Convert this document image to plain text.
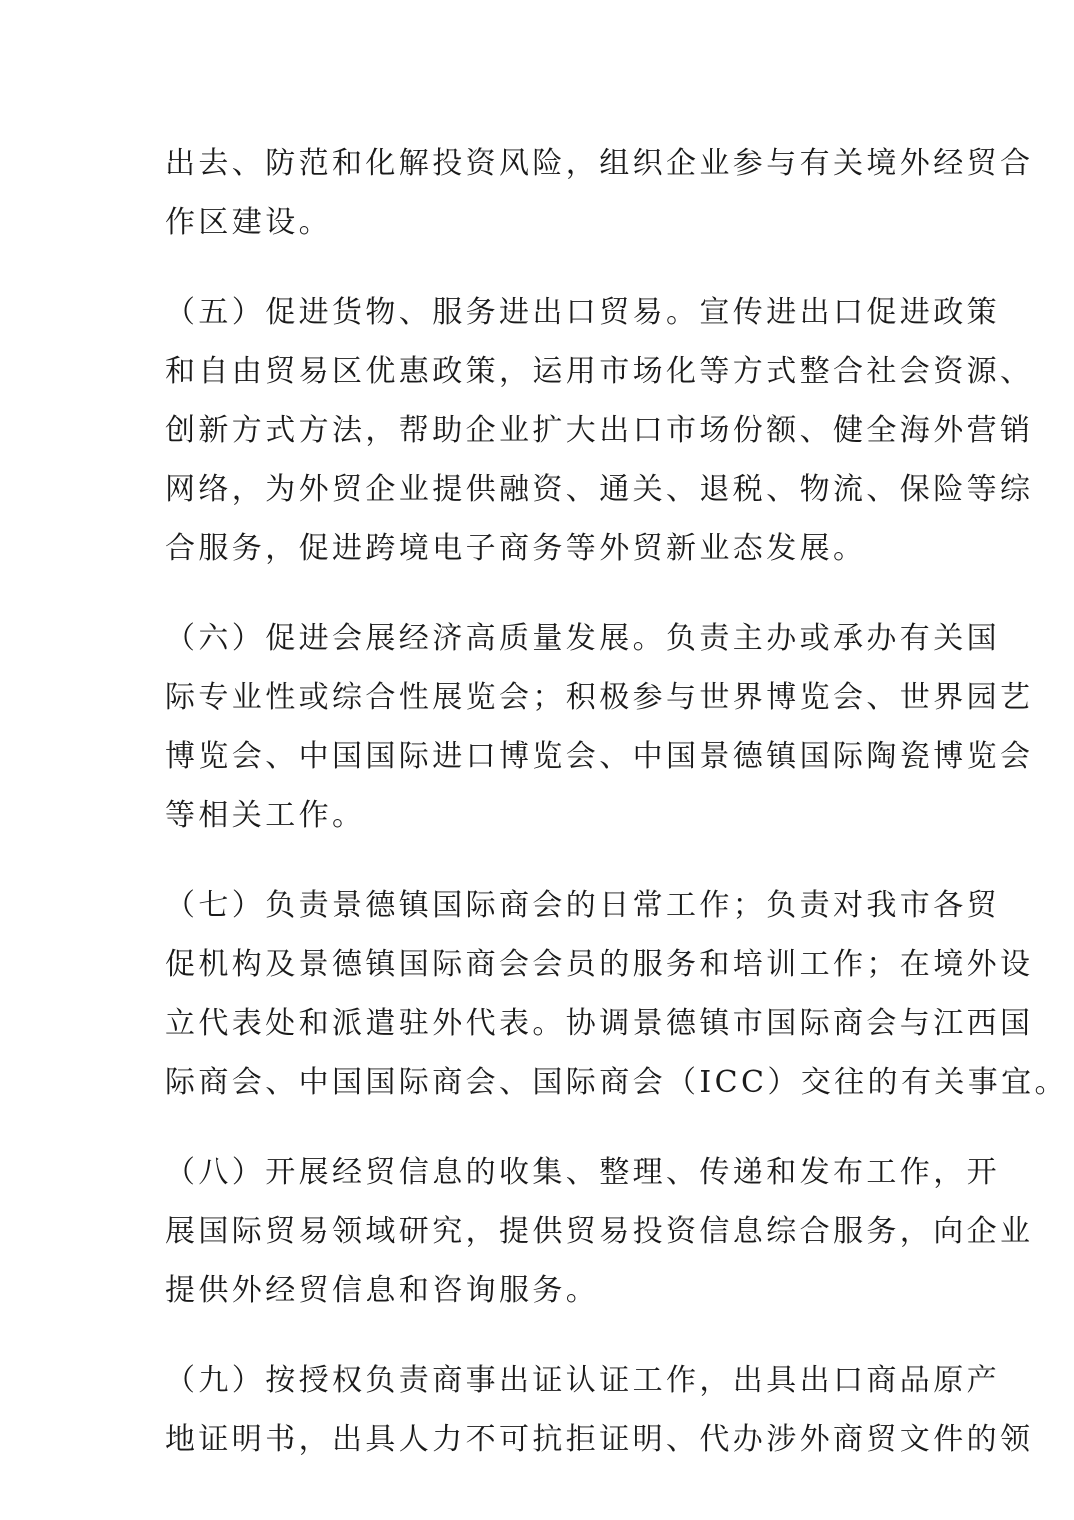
出去、防范和化解投资风险，组织企业参与有关境外经贸合
作区建设。
（五）促进货物、服务进出口贸易。宣传进出口促进政策
和自由贸易区优惠政策，运用市场化等方式整合社会资源、
创新方式方法，帮助企业扩大出口市场份额、健全海外营销
网络，为外贸企业提供融资、通关、退税、物流、保险等综
合服务，促进跨境电子商务等外贸新业态发展。
（六）促进会展经济高质量发展。负责主办或承办有关国
际专业性或综合性展览会；积极参与世界博览会、世界园艺
博览会、中国国际进口博览会、中国景德镇国际陶瓷博览会
等相关工作。
（七）负责景德镇国际商会的日常工作；负责对我市各贸
促机构及景德镇国际商会会员的服务和培训工作；在境外设
立代表处和派遣驻外代表。协调景德镇市国际商会与江西国
际商会、中国国际商会、国际商会（ICC）交往的有关事宜。
（八）开展经贸信息的收集、整理、传递和发布工作，开
展国际贸易领域研究，提供贸易投资信息综合服务，向企业
提供外经贸信息和咨询服务。
（九）按授权负责商事出证认证工作，出具出口商品原产
地证明书，出具人力不可抗拒证明、代办涉外商贸文件的领
